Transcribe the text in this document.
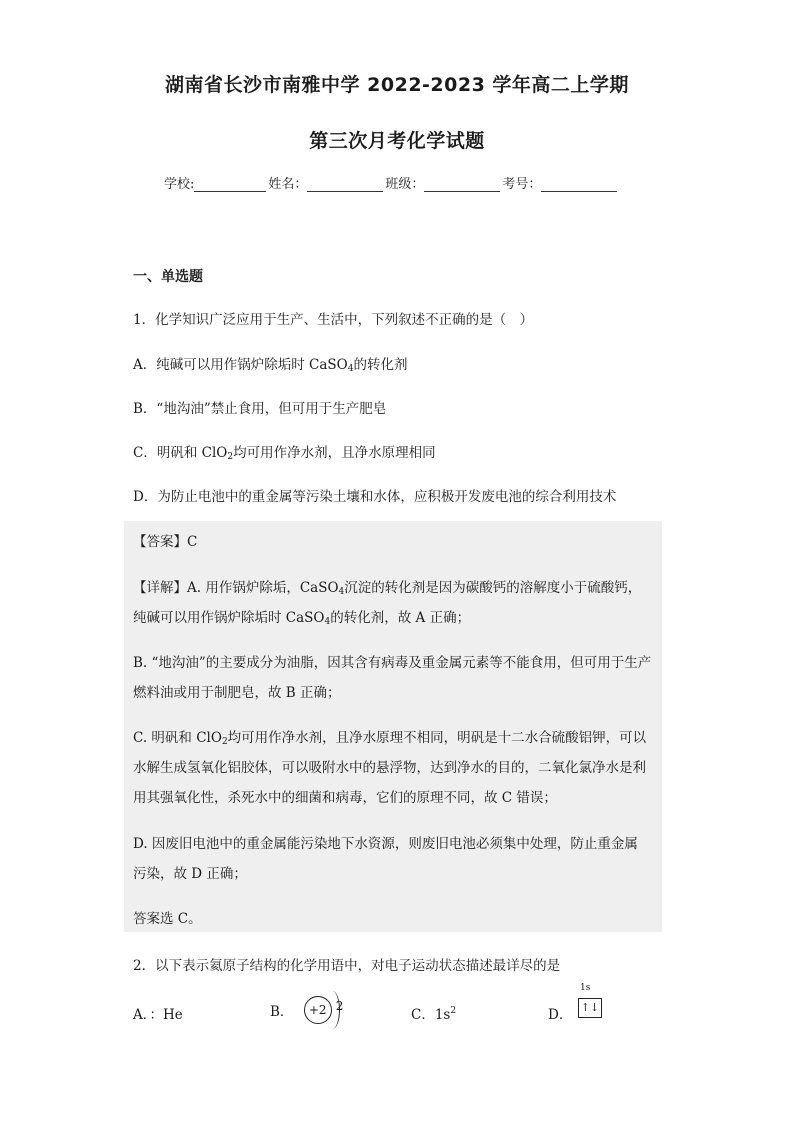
湖南省长沙市南雅中学 2022-2023 学年高二上学期
第三次月考化学试题
学校:	姓名：	班级：	考号：
一、单选题
1．化学知识广泛应用于生产、生活中，下列叙述不正确的是（　）
A．纯碱可以用作锅炉除垢时 CaSO$_4$的转化剂
B．“地沟油”禁止食用，但可用于生产肥皂
C．明矾和 ClO$_2$均可用作净水剂，且净水原理相同
D．为防止电池中的重金属等污染土壤和水体，应积极开发废电池的综合利用技术
【答案】C
【详解】A. 用作锅炉除垢，CaSO$_4$沉淀的转化剂是因为碳酸钙的溶解度小于硫酸钙，
纯碱可以用作锅炉除垢时 CaSO$_4$的转化剂，故 A 正确；
B. “地沟油”的主要成分为油脂，因其含有病毒及重金属元素等不能食用，但可用于生产
燃料油或用于制肥皂，故 B 正确；
C. 明矾和 ClO$_2$均可用作净水剂，且净水原理不相同，明矾是十二水合硫酸铝钾，可以
水解生成氢氧化铝胶体，可以吸附水中的悬浮物，达到净水的目的，二氧化氯净水是利
用其强氧化性，杀死水中的细菌和病毒，它们的原理不同，故 C 错误；
D. 因废旧电池中的重金属能污染地下水资源，则废旧电池必须集中处理，防止重金属
污染，故 D 正确；
答案选 C。
2．以下表示氦原子结构的化学用语中，对电子运动状态描述最详尽的是
A．：He	B． +2 2
C．$1s^2$	D．
1s
↑↓
